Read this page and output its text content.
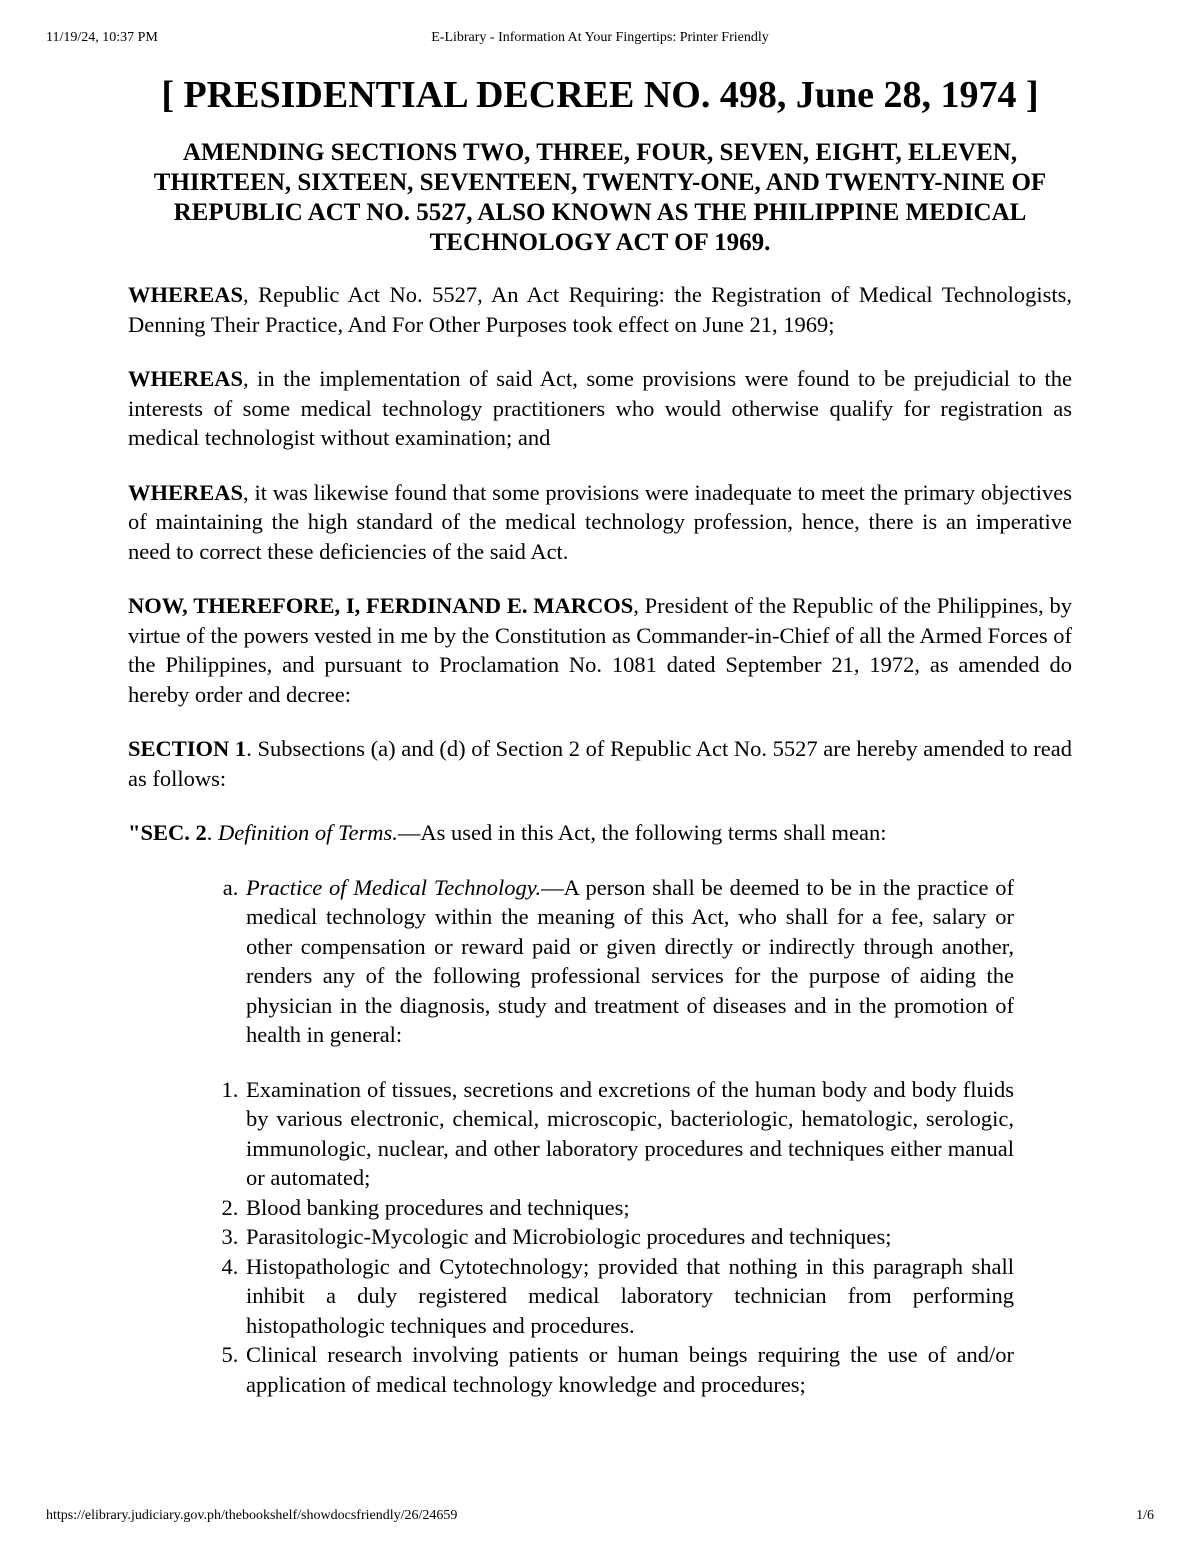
11/19/24, 10:37 PM	E-Library - Information At Your Fingertips: Printer Friendly
[ PRESIDENTIAL DECREE NO. 498, June 28, 1974 ]
AMENDING SECTIONS TWO, THREE, FOUR, SEVEN, EIGHT, ELEVEN, THIRTEEN, SIXTEEN, SEVENTEEN, TWENTY-ONE, AND TWENTY-NINE OF REPUBLIC ACT NO. 5527, ALSO KNOWN AS THE PHILIPPINE MEDICAL TECHNOLOGY ACT OF 1969.

WHEREAS, Republic Act No. 5527, An Act Requiring: the Registration of Medical Technologists, Denning Their Practice, And For Other Purposes took effect on June 21, 1969;

WHEREAS, in the implementation of said Act, some provisions were found to be prejudicial to the interests of some medical technology practitioners who would otherwise qualify for registration as medical technologist without examination; and

WHEREAS, it was likewise found that some provisions were inadequate to meet the primary objectives of maintaining the high standard of the medical technology profession, hence, there is an imperative need to correct these deficiencies of the said Act.

NOW, THEREFORE, I, FERDINAND E. MARCOS, President of the Republic of the Philippines, by virtue of the powers vested in me by the Constitution as Commander-in-Chief of all the Armed Forces of the Philippines, and pursuant to Proclamation No. 1081 dated September 21, 1972, as amended do hereby order and decree:

SECTION 1. Subsections (a) and (d) of Section 2 of Republic Act No. 5527 are hereby amended to read as follows:

"SEC. 2. Definition of Terms.—As used in this Act, the following terms shall mean:

a. Practice of Medical Technology.—A person shall be deemed to be in the practice of medical technology within the meaning of this Act, who shall for a fee, salary or other compensation or reward paid or given directly or indirectly through another, renders any of the following professional services for the purpose of aiding the physician in the diagnosis, study and treatment of diseases and in the promotion of health in general:
1. Examination of tissues, secretions and excretions of the human body and body fluids by various electronic, chemical, microscopic, bacteriologic, hematologic, serologic, immunologic, nuclear, and other laboratory procedures and techniques either manual or automated;
2. Blood banking procedures and techniques;
3. Parasitologic-Mycologic and Microbiologic procedures and techniques;
4. Histopathologic and Cytotechnology; provided that nothing in this paragraph shall inhibit a duly registered medical laboratory technician from performing histopathologic techniques and procedures.
5. Clinical research involving patients or human beings requiring the use of and/or application of medical technology knowledge and procedures;
https://elibrary.judiciary.gov.ph/thebookshelf/showdocsfriendly/26/24659	1/6
